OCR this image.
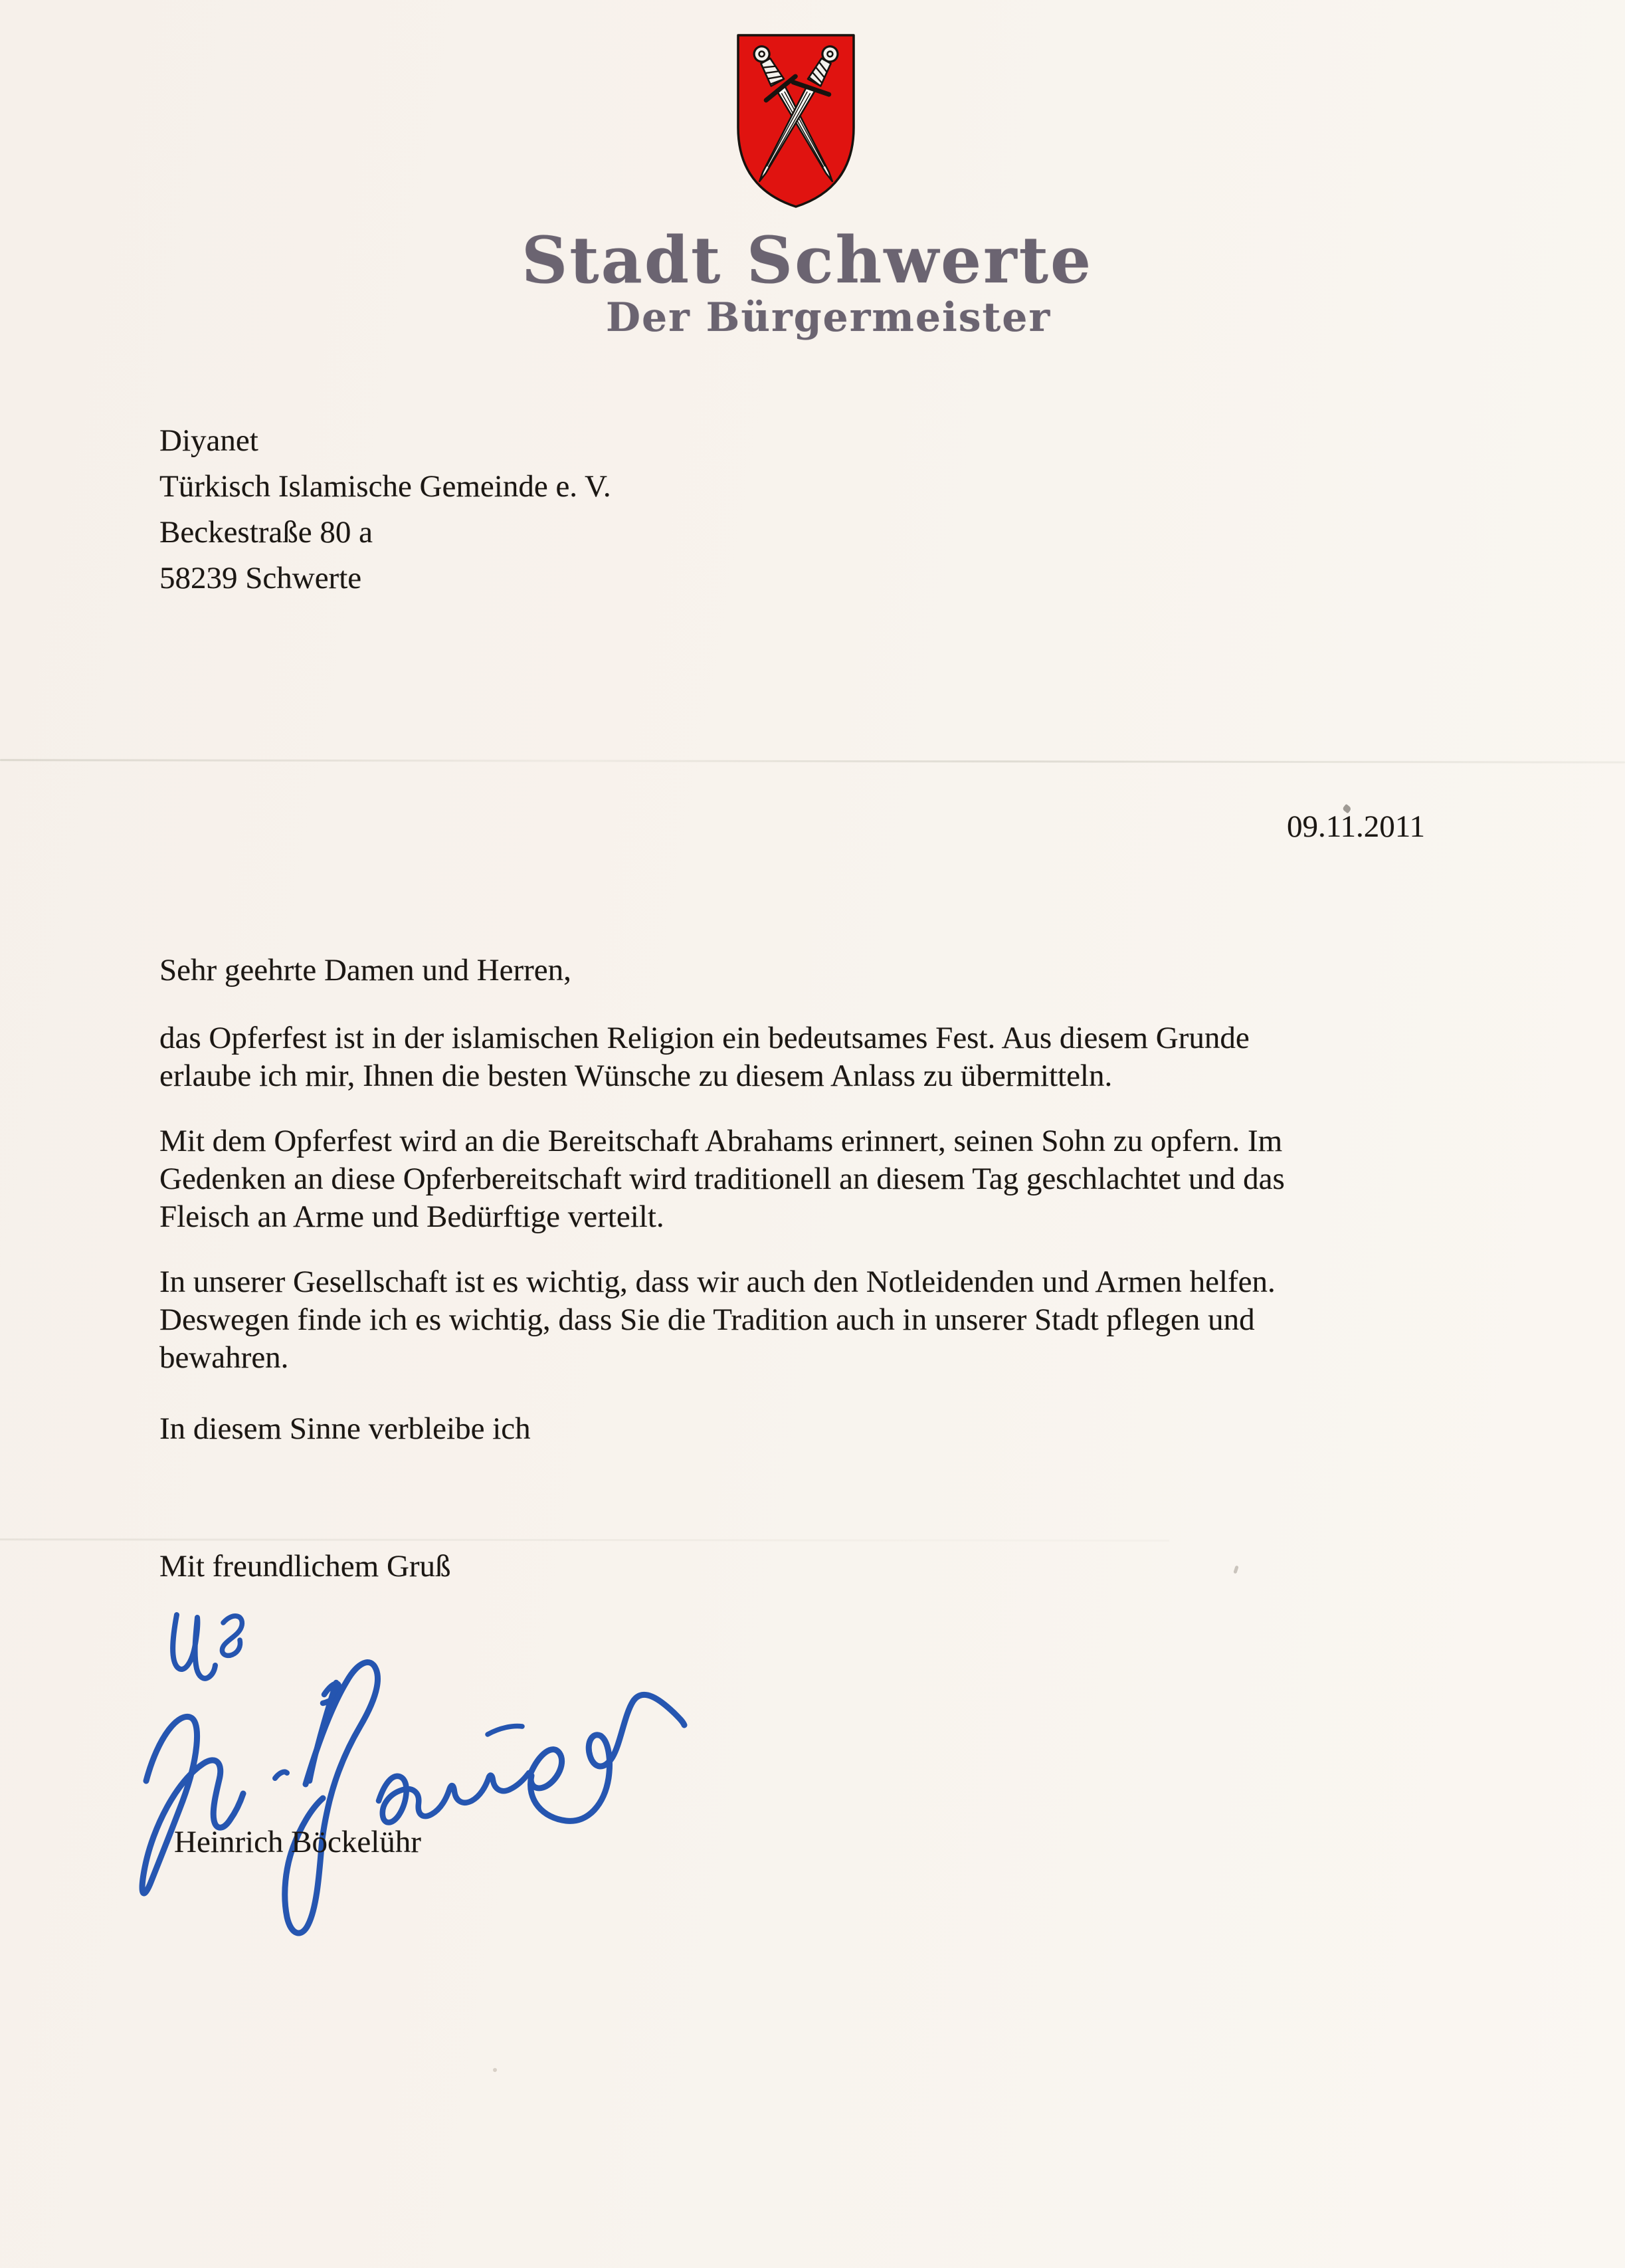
Stadt Schwerte
Der Bürgermeister
Diyanet
Türkisch Islamische Gemeinde e. V.
Beckestraße 80 a
58239 Schwerte
09.11.2011
Sehr geehrte Damen und Herren,
das Opferfest ist in der islamischen Religion ein bedeutsames Fest. Aus diesem Grunde
erlaube ich mir, Ihnen die besten Wünsche zu diesem Anlass zu übermitteln.
Mit dem Opferfest wird an die Bereitschaft Abrahams erinnert, seinen Sohn zu opfern. Im
Gedenken an diese Opferbereitschaft wird traditionell an diesem Tag geschlachtet und das
Fleisch an Arme und Bedürftige verteilt.
In unserer Gesellschaft ist es wichtig, dass wir auch den Notleidenden und Armen helfen.
Deswegen finde ich es wichtig, dass Sie die Tradition auch in unserer Stadt pflegen und
bewahren.
In diesem Sinne verbleibe ich
Mit freundlichem Gruß
Heinrich Böckelühr
